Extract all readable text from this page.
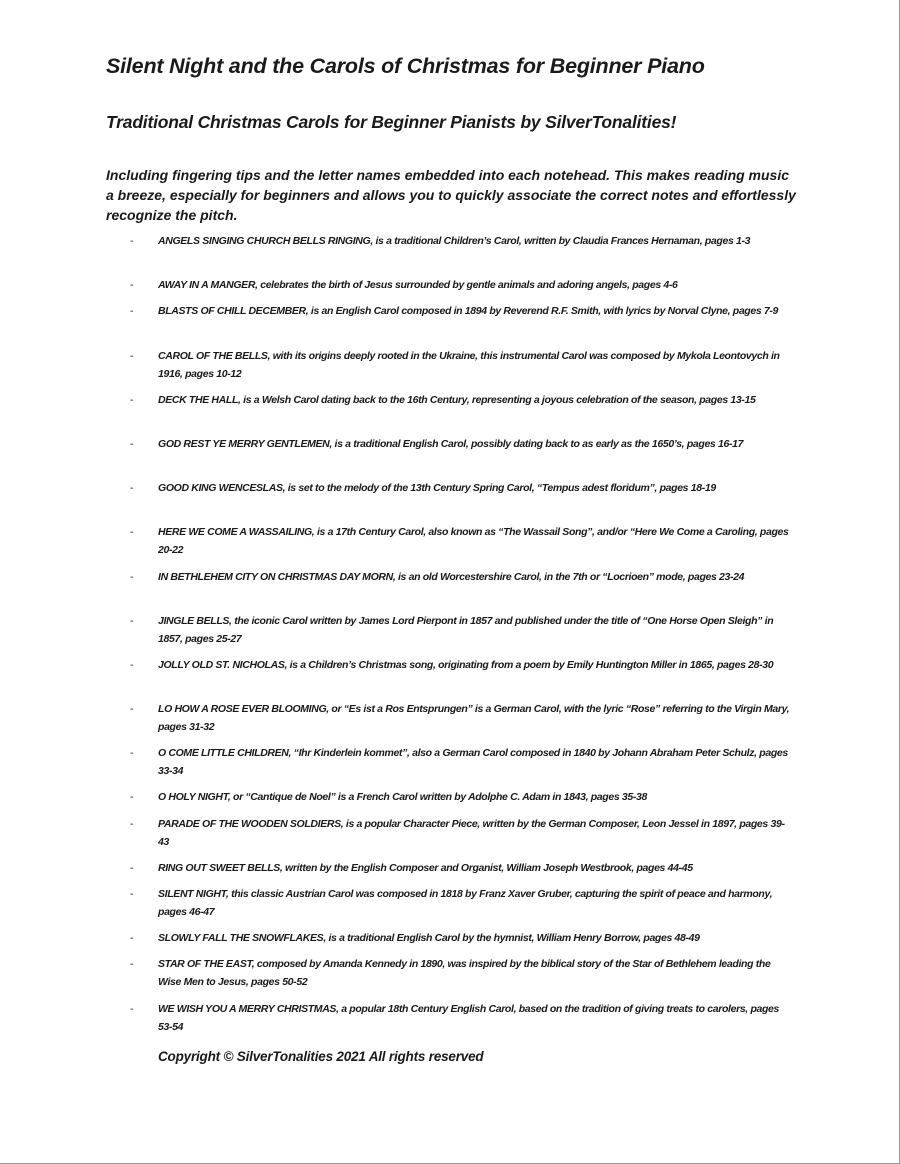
Silent Night and the Carols of Christmas for Beginner Piano
Traditional Christmas Carols for Beginner Pianists by SilverTonalities!

Including fingering tips and the letter names embedded into each notehead. This makes reading music a breeze, especially for beginners and allows you to quickly associate the correct notes and effortlessly recognize the pitch.

- ANGELS SINGING CHURCH BELLS RINGING, is a traditional Children’s Carol, written by Claudia Frances Hernaman, pages 1-3
- AWAY IN A MANGER, celebrates the birth of Jesus surrounded by gentle animals and adoring angels, pages 4-6
- BLASTS OF CHILL DECEMBER, is an English Carol composed in 1894 by Reverend R.F. Smith, with lyrics by Norval Clyne, pages 7-9
- CAROL OF THE BELLS, with its origins deeply rooted in the Ukraine, this instrumental Carol was composed by Mykola Leontovych in 1916, pages 10-12
- DECK THE HALL, is a Welsh Carol dating back to the 16th Century, representing a joyous celebration of the season, pages 13-15
- GOD REST YE MERRY GENTLEMEN, is a traditional English Carol, possibly dating back to as early as the 1650’s, pages 16-17
- GOOD KING WENCESLAS, is set to the melody of the 13th Century Spring Carol, “Tempus adest floridum”, pages 18-19
- HERE WE COME A WASSAILING, is a 17th Century Carol, also known as “The Wassail Song”, and/or “Here We Come a Caroling, pages 20-22
- IN BETHLEHEM CITY ON CHRISTMAS DAY MORN, is an old Worcestershire Carol, in the 7th or “Locrioen” mode, pages 23-24
- JINGLE BELLS, the iconic Carol written by James Lord Pierpont in 1857 and published under the title of “One Horse Open Sleigh” in 1857, pages 25-27
- JOLLY OLD ST. NICHOLAS, is a Children’s Christmas song, originating from a poem by Emily Huntington Miller in 1865, pages 28-30
- LO HOW A ROSE EVER BLOOMING, or “Es ist a Ros Entsprungen” is a German Carol, with the lyric “Rose” referring to the Virgin Mary, pages 31-32
- O COME LITTLE CHILDREN, “Ihr Kinderlein kommet”, also a German Carol composed in 1840 by Johann Abraham Peter Schulz, pages 33-34
- O HOLY NIGHT, or “Cantique de Noel” is a French Carol written by Adolphe C. Adam in 1843, pages 35-38
- PARADE OF THE WOODEN SOLDIERS, is a popular Character Piece, written by the German Composer, Leon Jessel in 1897, pages 39-43
- RING OUT SWEET BELLS, written by the English Composer and Organist, William Joseph Westbrook, pages 44-45
- SILENT NIGHT, this classic Austrian Carol was composed in 1818 by Franz Xaver Gruber, capturing the spirit of peace and harmony, pages 46-47
- SLOWLY FALL THE SNOWFLAKES, is a traditional English Carol by the hymnist, William Henry Borrow, pages 48-49
- STAR OF THE EAST, composed by Amanda Kennedy in 1890, was inspired by the biblical story of the Star of Bethlehem leading the Wise Men to Jesus, pages 50-52
- WE WISH YOU A MERRY CHRISTMAS, a popular 18th Century English Carol, based on the tradition of giving treats to carolers, pages 53-54

Copyright © SilverTonalities 2021 All rights reserved
